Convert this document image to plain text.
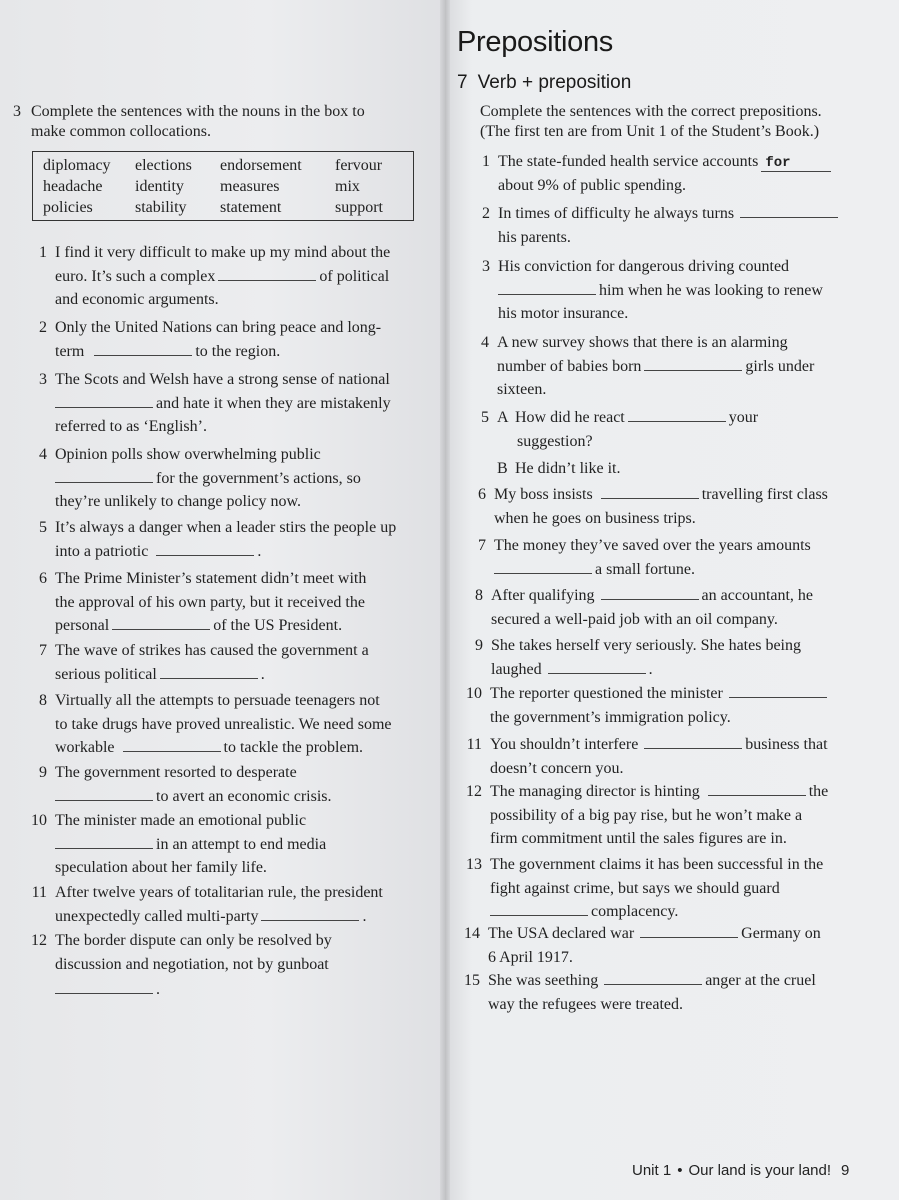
Prepositions
7 Verb + preposition
3 Complete the sentences with the nouns in the box to
make common collocations.
diplomacy	elections	endorsement	fervour
headache	identity	measures	mix
policies	stability	statement	support
1 I find it very difficult to make up my mind about the
euro. It’s such a complex	of political
and economic arguments.
2 Only the United Nations can bring peace and long-
term	to the region.
3 The Scots and Welsh have a strong sense of national
and hate it when they are mistakenly
referred to as ‘English’.
4 Opinion polls show overwhelming public
for the government’s actions, so
they’re unlikely to change policy now.
5 It’s always a danger when a leader stirs the people up
into a patriotic	.
6 The Prime Minister’s statement didn’t meet with
the approval of his own party, but it received the
personal	of the US President.
7 The wave of strikes has caused the government a
serious political	.
8 Virtually all the attempts to persuade teenagers not
to take drugs have proved unrealistic. We need some
workable	to tackle the problem.
9 The government resorted to desperate
to avert an economic crisis.
10 The minister made an emotional public
in an attempt to end media
speculation about her family life.
11 After twelve years of totalitarian rule, the president
unexpectedly called multi-party	.
12 The border dispute can only be resolved by
discussion and negotiation, not by gunboat
.
Complete the sentences with the correct prepositions.
(The first ten are from Unit 1 of the Student’s Book.)
1 The state-funded health service accounts for
about 9% of public spending.
2 In times of difficulty he always turns
his parents.
3 His conviction for dangerous driving counted
him when he was looking to renew
his motor insurance.
4 A new survey shows that there is an alarming
number of babies born	girls under
sixteen.
5 A How did he react	your
suggestion?
B He didn’t like it.
6 My boss insists	travelling first class
when he goes on business trips.
7 The money they’ve saved over the years amounts
a small fortune.
8 After qualifying	an accountant, he
secured a well-paid job with an oil company.
9 She takes herself very seriously. She hates being
laughed	.
10 The reporter questioned the minister
the government’s immigration policy.
11 You shouldn’t interfere	business that
doesn’t concern you.
12 The managing director is hinting	the
possibility of a big pay rise, but he won’t make a
firm commitment until the sales figures are in.
13 The government claims it has been successful in the
fight against crime, but says we should guard
complacency.
14 The USA declared war	Germany on
6 April 1917.
15 She was seething	anger at the cruel
way the refugees were treated.
Unit 1 • Our land is your land! 9
